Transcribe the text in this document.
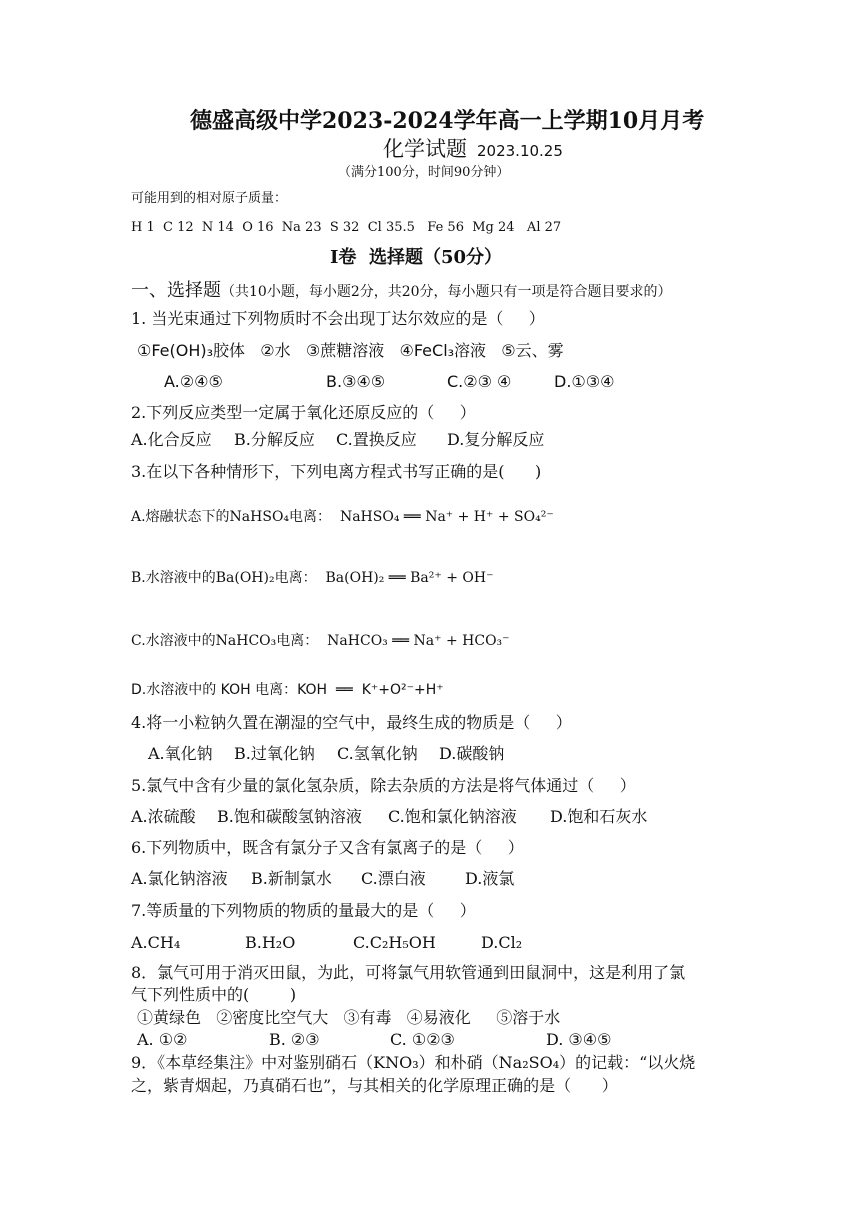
德盛高级中学2023-2024学年高一上学期10月月考
化学试题 2023.10.25
（满分100分，时间90分钟）
可能用到的相对原子质量：
H 1  C 12  N 14  O 16  Na 23  S 32  Cl 35.5   Fe 56  Mg 24   Al 27
Ⅰ卷  选择题（50分）
一、选择题（共10小题，每小题2分，共20分，每小题只有一项是符合题目要求的）
1. 当光束通过下列物质时不会出现丁达尔效应的是（     ）
①Fe(OH)₃胶体   ②水   ③蔗糖溶液   ④FeCl₃溶液   ⑤云、雾
A.②④⑤	B.③④⑤	C.②③ ④	D.①③④
2.下列反应类型一定属于氧化还原反应的（     ）
A.化合反应 B.分解反应 C.置换反应 D.复分解反应
3.在以下各种情形下，下列电离方程式书写正确的是(      )
A.熔融状态下的NaHSO₄电离：  NaHSO₄ ══ Na⁺ + H⁺ + SO₄²⁻
B.水溶液中的Ba(OH)₂电离：  Ba(OH)₂ ══ Ba²⁺ + OH⁻
C.水溶液中的NaHCO₃电离：  NaHCO₃ ══ Na⁺ + HCO₃⁻
D.水溶液中的 KOH 电离：KOH  ══  K⁺+O²⁻+H⁺
4.将一小粒钠久置在潮湿的空气中，最终生成的物质是（     ）
A.氧化钠 B.过氧化钠 C.氢氧化钠 D.碳酸钠
5.氯气中含有少量的氯化氢杂质，除去杂质的方法是将气体通过（     ）
A.浓硫酸 B.饱和碳酸氢钠溶液 C.饱和氯化钠溶液 D.饱和石灰水
6.下列物质中，既含有氯分子又含有氯离子的是（     ）
A.氯化钠溶液 B.新制氯水 C.漂白液 D.液氯
7.等质量的下列物质的物质的量最大的是（     ）
A.CH₄	B.H₂O	C.C₂H₅OH	D.Cl₂
8．氯气可用于消灭田鼠，为此，可将氯气用软管通到田鼠洞中，这是利用了氯
气下列性质中的(        )
①黄绿色   ②密度比空气大   ③有毒   ④易液化     ⑤溶于水
A. ①②	B. ②③	C. ①②③	D. ③④⑤
9．《本草经集注》中对鉴别硝石（KNO₃）和朴硝（Na₂SO₄）的记载：“以火烧
之，紫青烟起，乃真硝石也”，与其相关的化学原理正确的是（      ）
